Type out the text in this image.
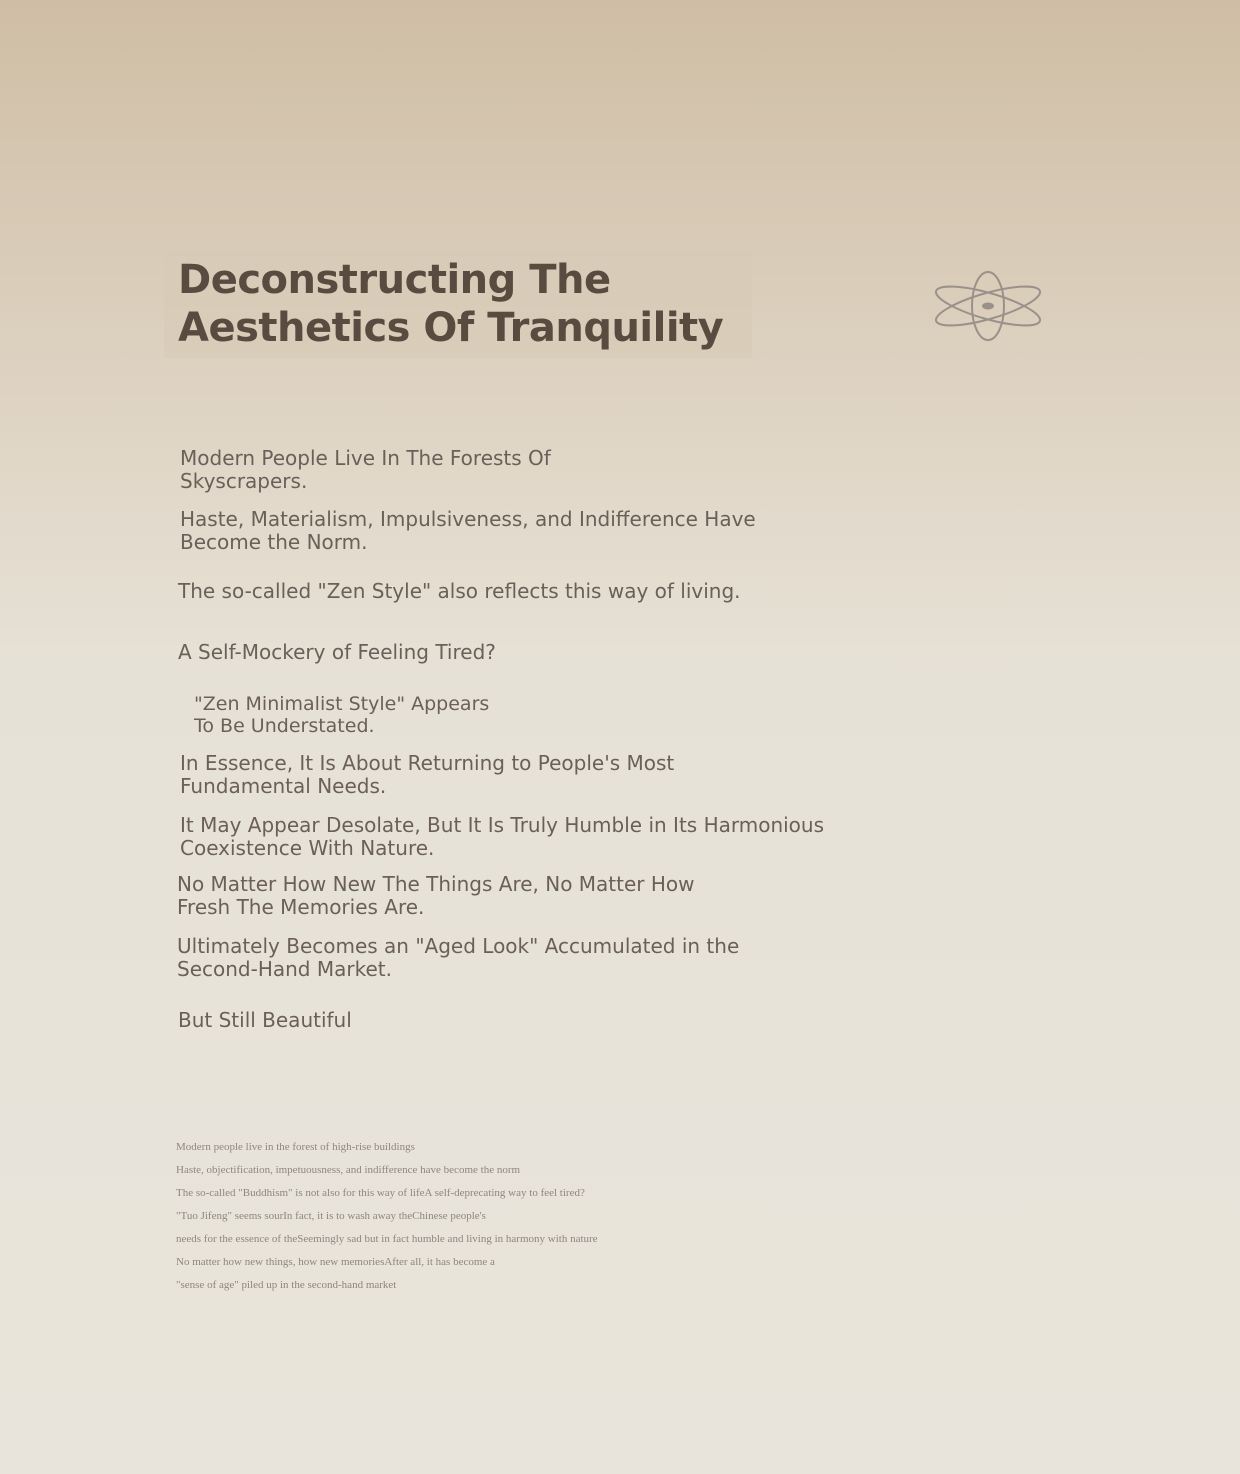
Deconstructing The
Aesthetics Of Tranquility
Modern People Live In The Forests Of
Skyscrapers.
Haste, Materialism, Impulsiveness, and Indifference Have
Become the Norm.
The so-called "Zen Style" also reflects this way of living.
A Self-Mockery of Feeling Tired?
"Zen Minimalist Style" Appears
To Be Understated.
In Essence, It Is About Returning to People's Most
Fundamental Needs.
It May Appear Desolate, But It Is Truly Humble in Its Harmonious
Coexistence With Nature.
No Matter How New The Things Are, No Matter How
Fresh The Memories Are.
Ultimately Becomes an "Aged Look" Accumulated in the
Second-Hand Market.
But Still Beautiful
Modern people live in the forest of high-rise buildings
Haste, objectification, impetuousness, and indifference have become the norm
The so-called "Buddhism" is not also for this way of lifeA self-deprecating way to feel tired?
"Tuo Jifeng" seems sourIn fact, it is to wash away theChinese people's
needs for the essence of theSeemingly sad but in fact humble and living in harmony with nature
No matter how new things, how new memoriesAfter all, it has become a
"sense of age" piled up in the second-hand market
